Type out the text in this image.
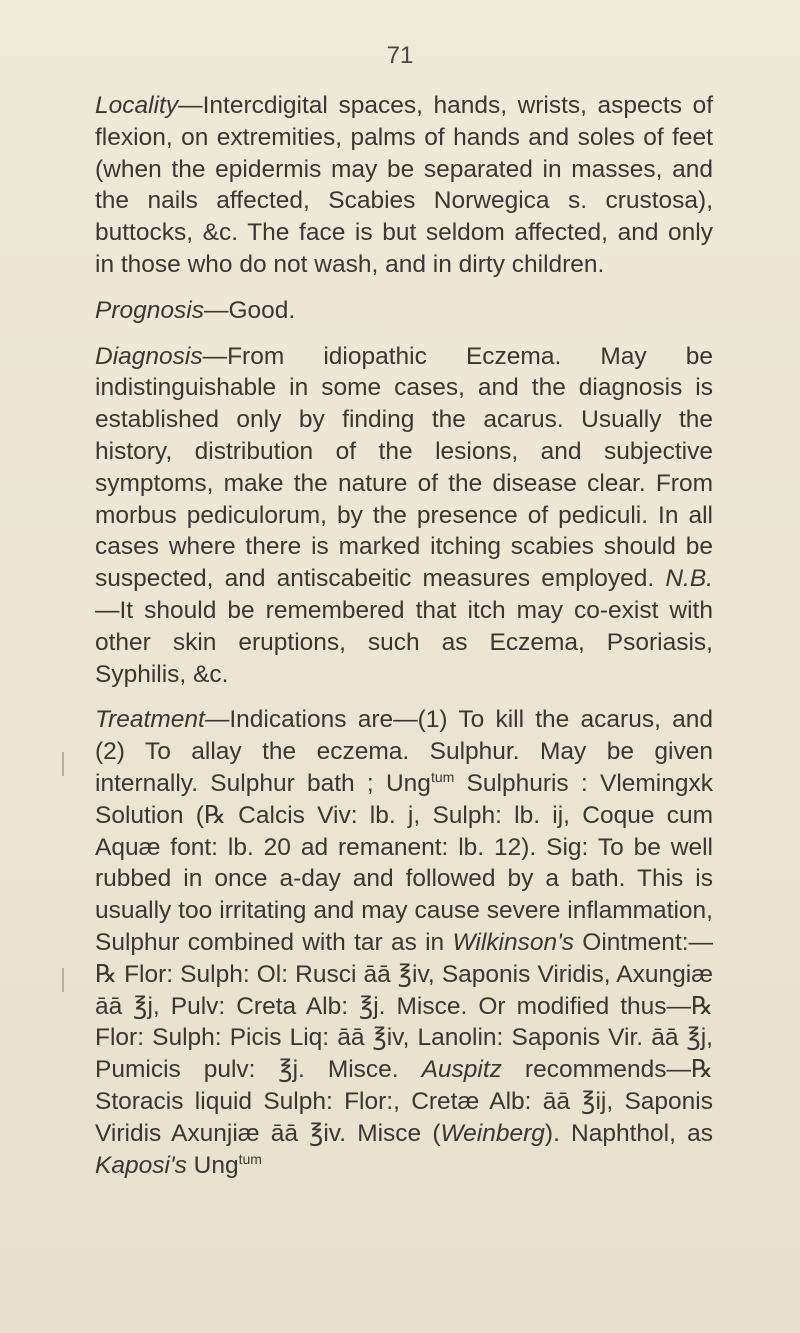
71

Locality—Intercdigital spaces, hands, wrists, aspects of flexion, on extremities, palms of hands and soles of feet (when the epidermis may be separated in masses, and the nails affected, Scabies Norwegica s. crustosa), buttocks, &c. The face is but seldom affected, and only in those who do not wash, and in dirty children.

Prognosis—Good.

Diagnosis—From idiopathic Eczema. May be indistinguishable in some cases, and the diagnosis is established only by finding the acarus. Usually the history, distribution of the lesions, and subjective symptoms, make the nature of the disease clear. From morbus pediculorum, by the presence of pediculi. In all cases where there is marked itching scabies should be suspected, and antiscabeitic measures employed. N.B.—It should be remembered that itch may co-exist with other skin eruptions, such as Eczema, Psoriasis, Syphilis, &c.

Treatment—Indications are—(1) To kill the acarus, and (2) To allay the eczema. Sulphur. May be given internally. Sulphur bath ; Ung$^{tum}$ Sulphuris : Vlemingxk Solution (℞ Calcis Viv: lb. j, Sulph: lb. ij, Coque cum Aquæ font: lb. 20 ad remanent: lb. 12). Sig: To be well rubbed in once a-day and followed by a bath. This is usually too irritating and may cause severe inflammation, Sulphur combined with tar as in Wilkinson's Ointment:—℞ Flor: Sulph: Ol: Rusci āā ℥iv, Saponis Viridis, Axungiæ āā ℥j, Pulv: Creta Alb: ℥j. Misce. Or modified thus—℞ Flor: Sulph: Picis Liq: āā ℥iv, Lanolin: Saponis Vir. āā ℥j, Pumicis pulv: ℥j. Misce. Auspitz recommends—℞ Storacis liquid Sulph: Flor:, Cretæ Alb: āā ℥ij, Saponis Viridis Axunjiæ āā ℥iv. Misce (Weinberg). Naphthol, as Kaposi's Ung$^{tum}$
